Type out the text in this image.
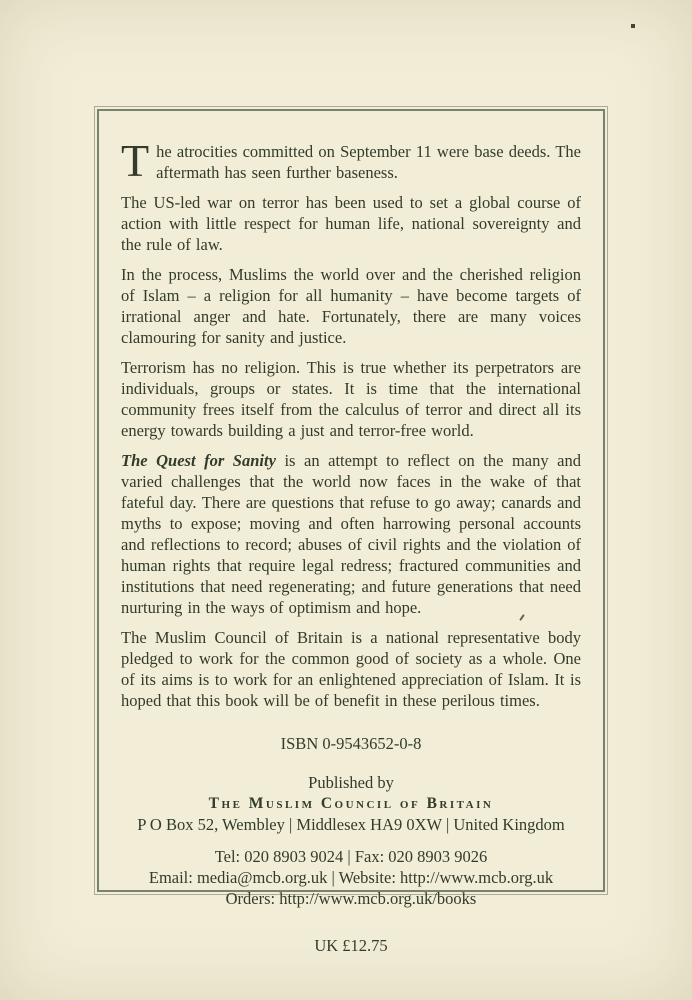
The atrocities committed on September 11 were base deeds. The aftermath has seen further baseness.

The US-led war on terror has been used to set a global course of action with little respect for human life, national sovereignty and the rule of law.

In the process, Muslims the world over and the cherished religion of Islam – a religion for all humanity – have become targets of irrational anger and hate. Fortunately, there are many voices clamouring for sanity and justice.

Terrorism has no religion. This is true whether its perpetrators are individuals, groups or states. It is time that the international community frees itself from the calculus of terror and direct all its energy towards building a just and terror-free world.

The Quest for Sanity is an attempt to reflect on the many and varied challenges that the world now faces in the wake of that fateful day. There are questions that refuse to go away; canards and myths to expose; moving and often harrowing personal accounts and reflections to record; abuses of civil rights and the violation of human rights that require legal redress; fractured communities and institutions that need regenerating; and future generations that need nurturing in the ways of optimism and hope.

The Muslim Council of Britain is a national representative body pledged to work for the common good of society as a whole. One of its aims is to work for an enlightened appreciation of Islam. It is hoped that this book will be of benefit in these perilous times.

ISBN 0-9543652-0-8
Published by
The Muslim Council of Britain
P O Box 52, Wembley | Middlesex HA9 0XW | United Kingdom
Tel: 020 8903 9024 | Fax: 020 8903 9026
Email: media@mcb.org.uk | Website: http://www.mcb.org.uk
Orders: http://www.mcb.org.uk/books
UK £12.75
